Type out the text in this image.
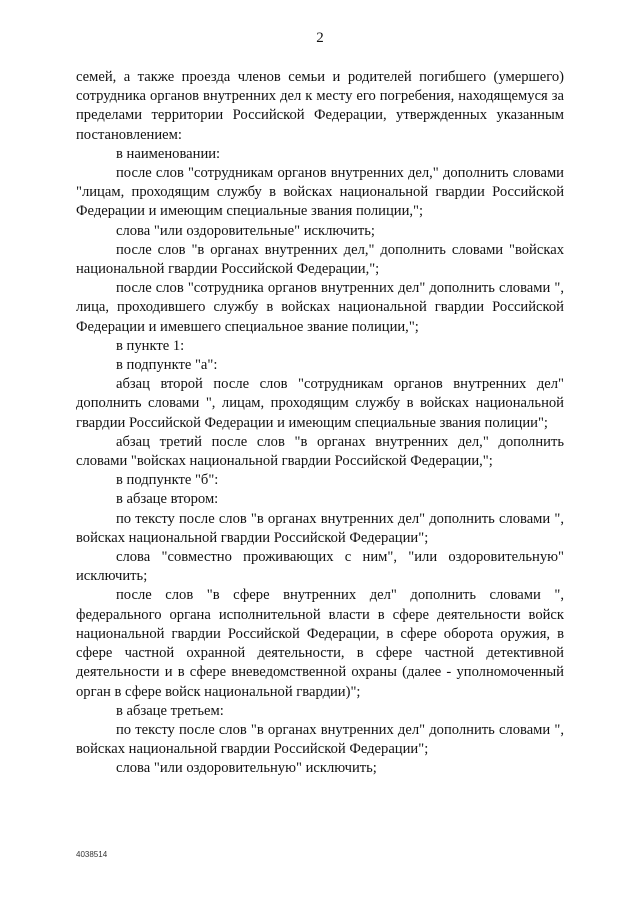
2

семей, а также проезда членов семьи и родителей погибшего (умершего) сотрудника органов внутренних дел к месту его погребения, находящемуся за пределами территории Российской Федерации, утвержденных указанным постановлением:

в наименовании:

после слов "сотрудникам органов внутренних дел," дополнить словами "лицам, проходящим службу в войсках национальной гвардии Российской Федерации и имеющим специальные звания полиции,";

слова "или оздоровительные" исключить;

после слов "в органах внутренних дел," дополнить словами "войсках национальной гвардии Российской Федерации,";

после слов "сотрудника органов внутренних дел" дополнить словами ", лица, проходившего службу в войсках национальной гвардии Российской Федерации и имевшего специальное звание полиции,";

в пункте 1:

в подпункте "а":

абзац второй после слов "сотрудникам органов внутренних дел" дополнить словами ", лицам, проходящим службу в войсках национальной гвардии Российской Федерации и имеющим специальные звания полиции";

абзац третий после слов "в органах внутренних дел," дополнить словами "войсках национальной гвардии Российской Федерации,";

в подпункте "б":

в абзаце втором:

по тексту после слов "в органах внутренних дел" дополнить словами ", войсках национальной гвардии Российской Федерации";

слова "совместно проживающих с ним", "или оздоровительную" исключить;

после слов "в сфере внутренних дел" дополнить словами ", федерального органа исполнительной власти в сфере деятельности войск национальной гвардии Российской Федерации, в сфере оборота оружия, в сфере частной охранной деятельности, в сфере частной детективной деятельности и в сфере вневедомственной охраны (далее - уполномоченный орган в сфере войск национальной гвардии)";

в абзаце третьем:

по тексту после слов "в органах внутренних дел" дополнить словами ", войсках национальной гвардии Российской Федерации";

слова "или оздоровительную" исключить;

4038514
